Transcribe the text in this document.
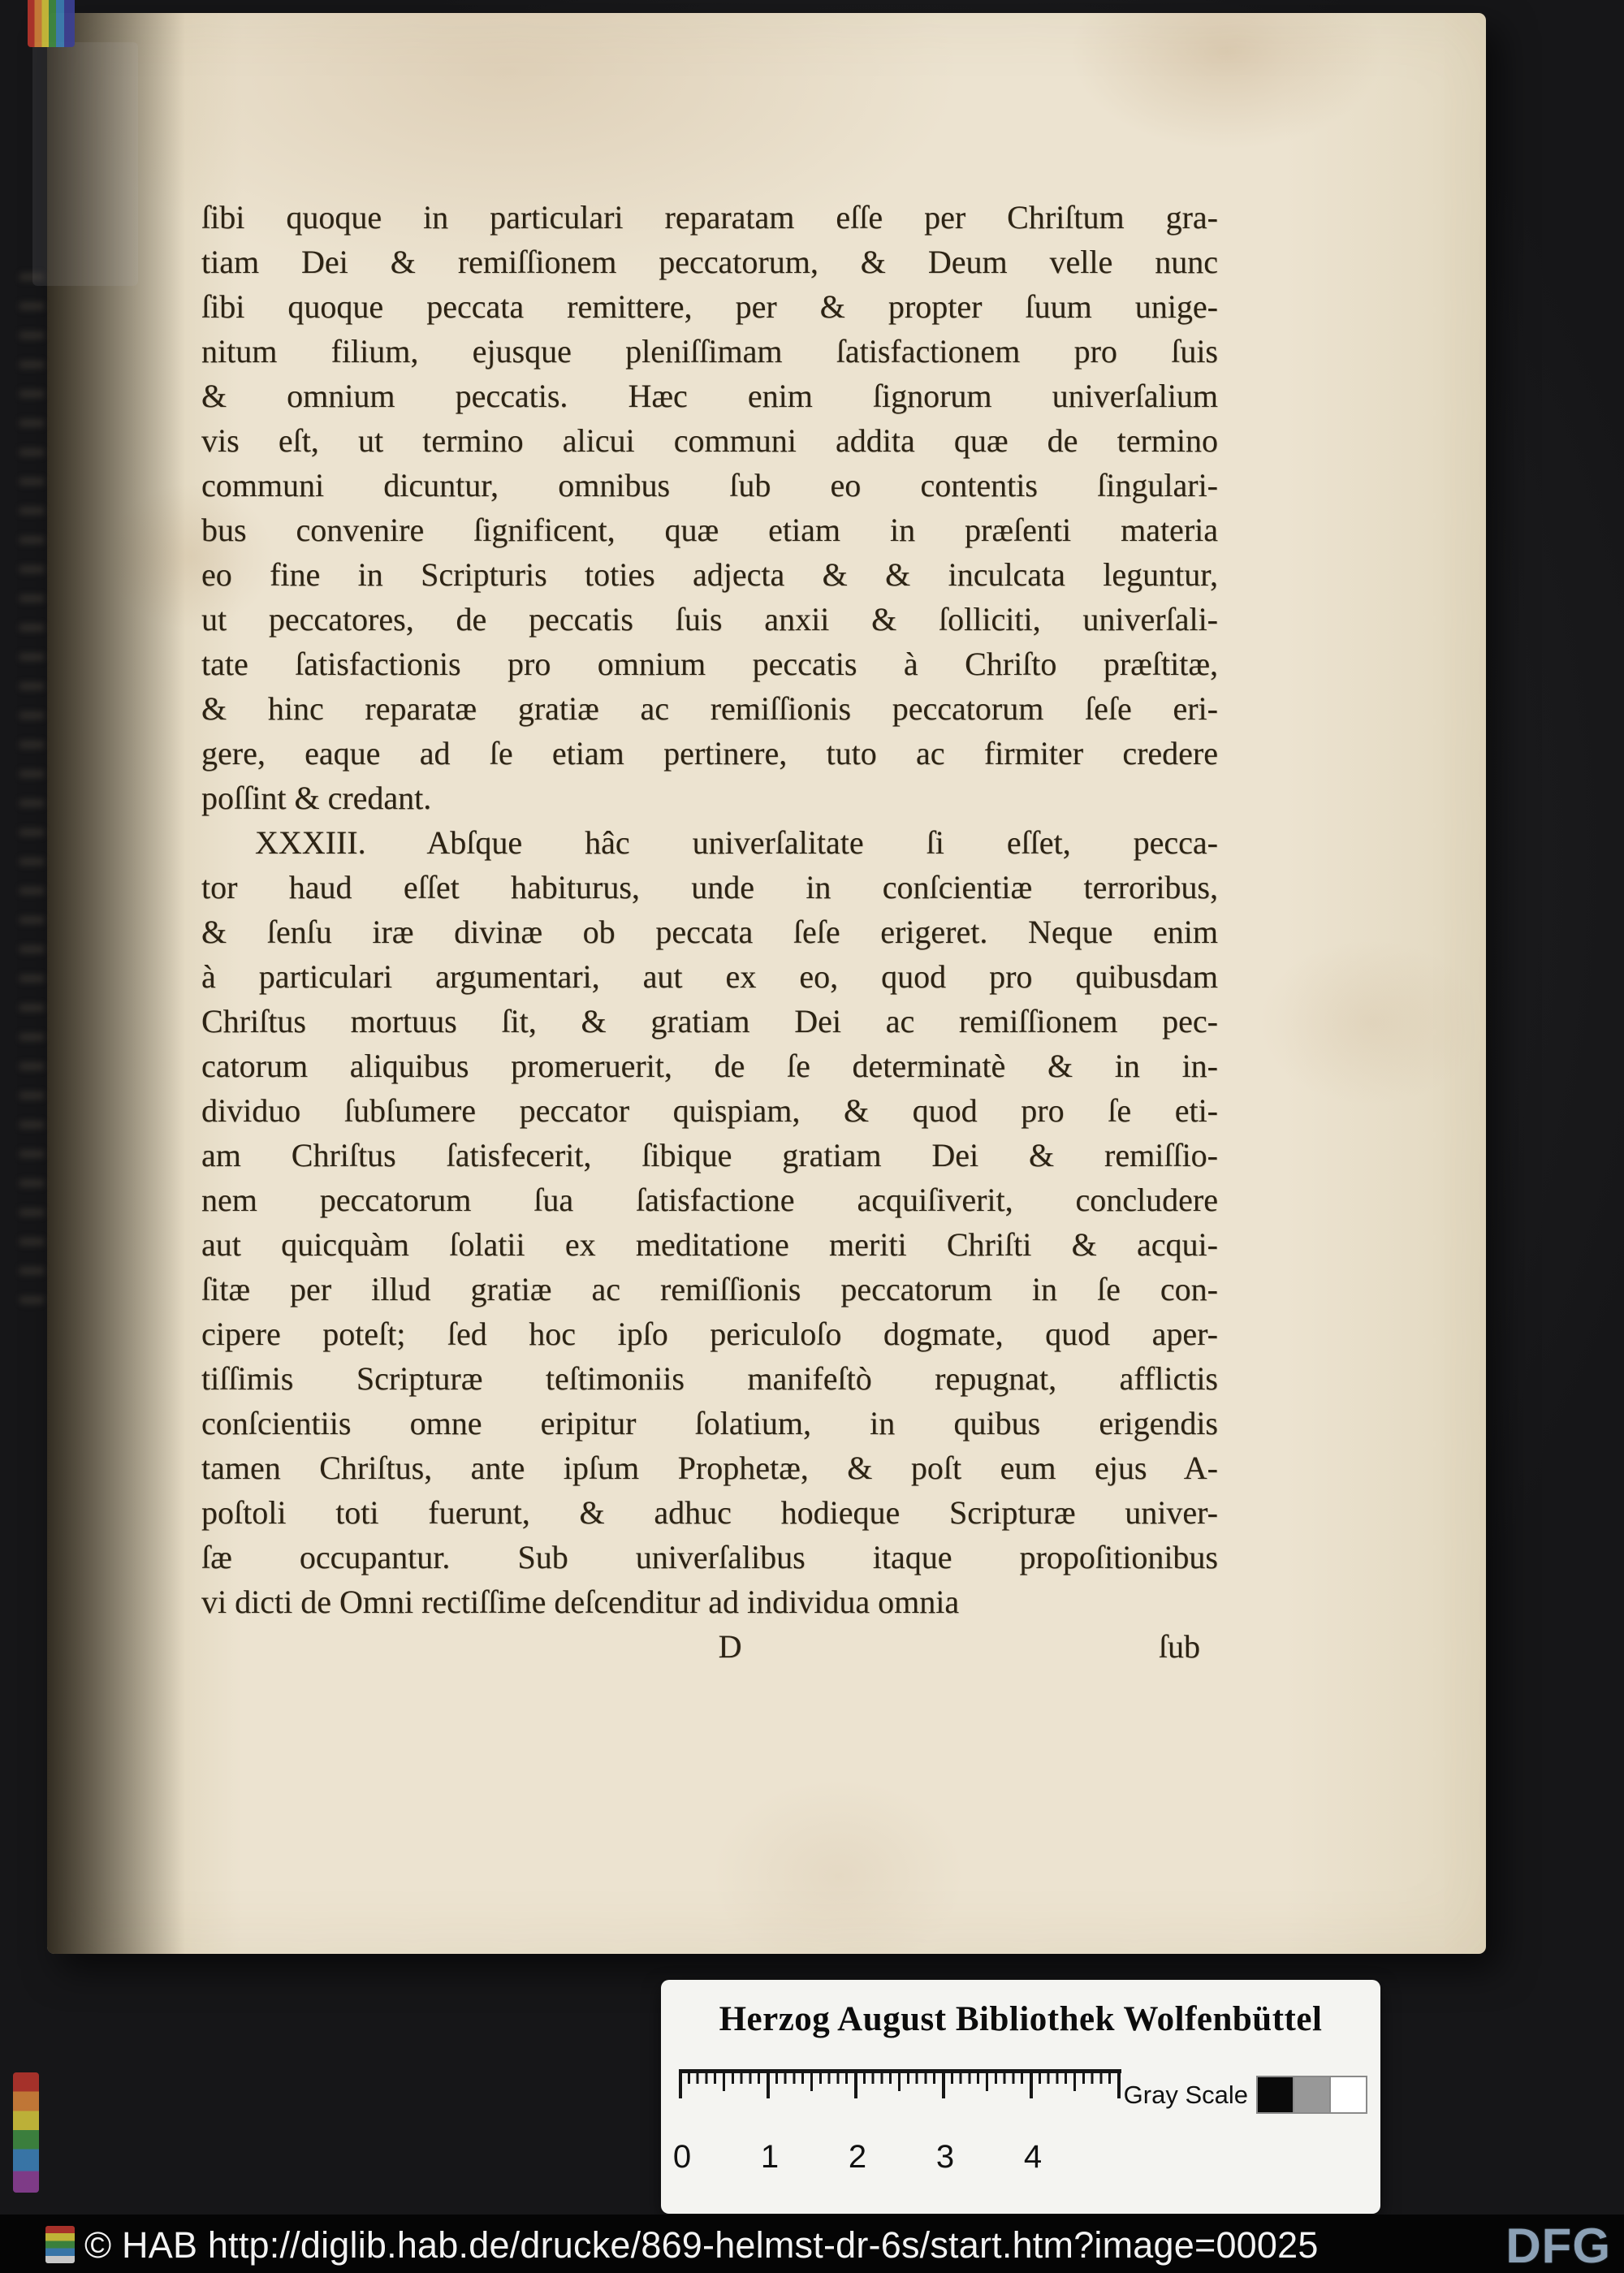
ſibi quoque in particulari reparatam eſſe per Chriſtum gra-
tiam Dei & remiſſionem peccatorum, & Deum velle nunc
ſibi quoque peccata remittere, per & propter ſuum unige-
nitum filium, ejusque pleniſſimam ſatisfactionem pro ſuis
& omnium peccatis. Hæc enim ſignorum univerſalium
vis eſt, ut termino alicui communi addita quæ de termino
communi dicuntur, omnibus ſub eo contentis ſingulari-
bus convenire ſignificent, quæ etiam in præſenti materia
eo fine in Scripturis toties adjecta & & inculcata leguntur,
ut peccatores, de peccatis ſuis anxii & ſolliciti, univerſali-
tate ſatisfactionis pro omnium peccatis à Chriſto præſtitæ,
& hinc reparatæ gratiæ ac remiſſionis peccatorum ſeſe eri-
gere, eaque ad ſe etiam pertinere, tuto ac firmiter credere
poſſint & credant.
XXXIII. Abſque hâc univerſalitate ſi eſſet, pecca-
tor haud eſſet habiturus, unde in conſcientiæ terroribus,
& ſenſu iræ divinæ ob peccata ſeſe erigeret. Neque enim
à particulari argumentari, aut ex eo, quod pro quibusdam
Chriſtus mortuus ſit, & gratiam Dei ac remiſſionem pec-
catorum aliquibus promeruerit, de ſe determinatè & in in-
dividuo ſubſumere peccator quispiam, & quod pro ſe eti-
am Chriſtus ſatisfecerit, ſibique gratiam Dei & remiſſio-
nem peccatorum ſua ſatisfactione acquiſiverit, concludere
aut quicquàm ſolatii ex meditatione meriti Chriſti & acqui-
ſitæ per illud gratiæ ac remiſſionis peccatorum in ſe con-
cipere poteſt; ſed hoc ipſo periculoſo dogmate, quod aper-
tiſſimis Scripturæ teſtimoniis manifeſtò repugnat, afflictis
conſcientiis omne eripitur ſolatium, in quibus erigendis
tamen Chriſtus, ante ipſum Prophetæ, & poſt eum ejus A-
poſtoli toti fuerunt, & adhuc hodieque Scripturæ univer-
ſæ occupantur. Sub univerſalibus itaque propoſitionibus
vi dicti de Omni rectiſſime deſcenditur ad individua omnia
D	ſub
Herzog August Bibliothek Wolfenbüttel
0 1 2 3 4
Gray Scale
© HAB http://diglib.hab.de/drucke/869-helmst-dr-6s/start.htm?image=00025	DFG
